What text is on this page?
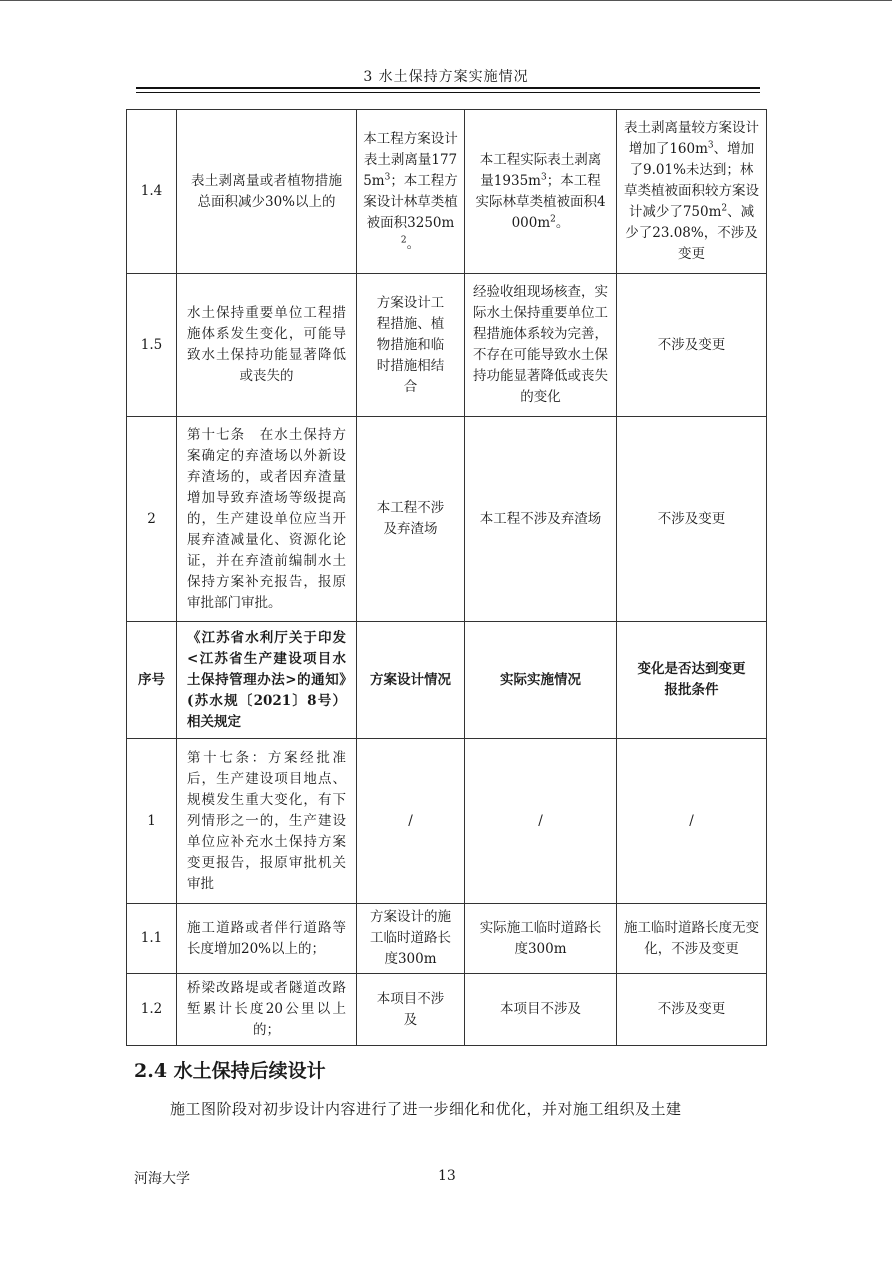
3 水土保持方案实施情况
1.4	表土剥离量或者植物措施总面积减少30%以上的	本工程方案设计表土剥离量$1775m^3$；本工程方案设计林草类植被面积$3250m^2$。	本工程实际表土剥离量$1935m^3$；本工程实际林草类植被面积$4000m^2$。	表土剥离量较方案设计增加了$160m^3$、增加了9.01%未达到；林草类植被面积较方案设计减少了$750m^2$、减少了23.08%，不涉及变更
1.5	水土保持重要单位工程措施体系发生变化，可能导致水土保持功能显著降低或丧失的	方案设计工程措施、植物措施和临时措施相结合	经验收组现场核查，实际水土保持重要单位工程措施体系较为完善，不存在可能导致水土保持功能显著降低或丧失的变化	不涉及变更
2	第十七条　在水土保持方案确定的弃渣场以外新设弃渣场的，或者因弃渣量增加导致弃渣场等级提高的，生产建设单位应当开展弃渣减量化、资源化论证，并在弃渣前编制水土保持方案补充报告，报原审批部门审批。	本工程不涉及弃渣场	本工程不涉及弃渣场	不涉及变更
序号	《江苏省水利厅关于印发<江苏省生产建设项目水土保持管理办法>的通知》(苏水规〔2021〕8号）相关规定	方案设计情况	实际实施情况	变化是否达到变更报批条件
1	第十七条：方案经批准后，生产建设项目地点、规模发生重大变化，有下列情形之一的，生产建设单位应补充水土保持方案变更报告，报原审批机关审批	/	/	/
1.1	施工道路或者伴行道路等长度增加20%以上的；	方案设计的施工临时道路长度300m	实际施工临时道路长度300m	施工临时道路长度无变化，不涉及变更
1.2	桥梁改路堤或者隧道改路堑累计长度20公里以上的；	本项目不涉及	本项目不涉及	不涉及变更
2.4 水土保持后续设计
施工图阶段对初步设计内容进行了进一步细化和优化，并对施工组织及土建
河海大学	13
